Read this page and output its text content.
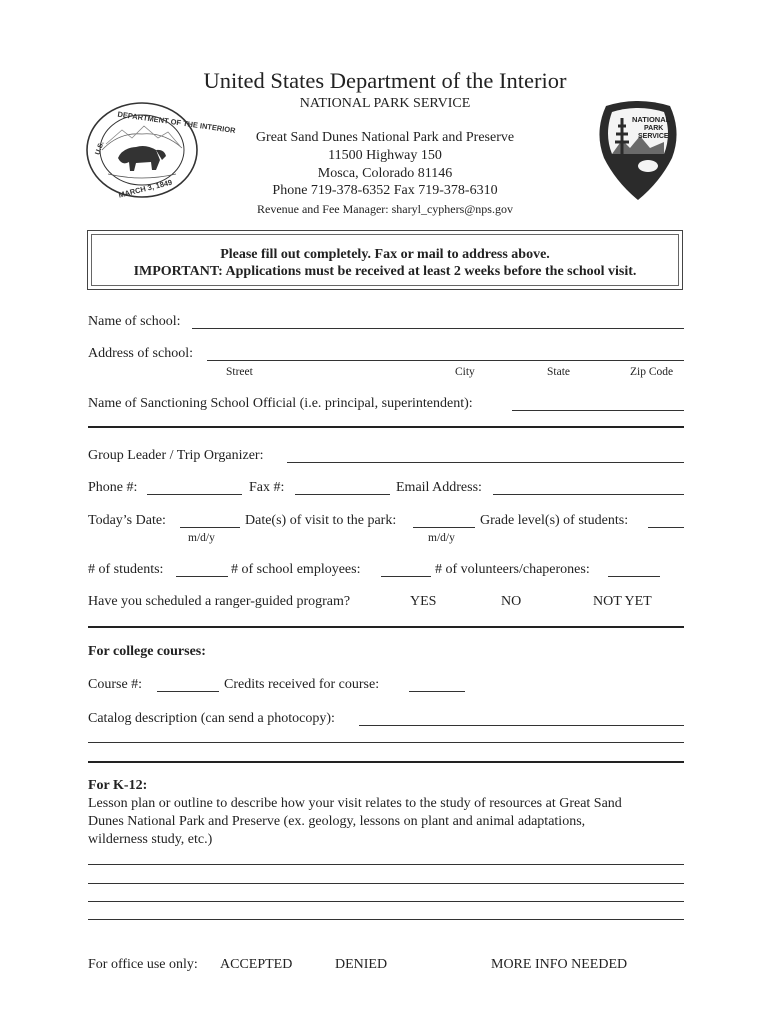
United States Department of the Interior
NATIONAL PARK SERVICE
Great Sand Dunes National Park and Preserve
11500 Highway 150
Mosca, Colorado 81146
Phone 719-378-6352 Fax 719-378-6310
Revenue and Fee Manager: sharyl_cyphers@nps.gov
DEPARTMENT OF THE INTERIOR
MARCH 3, 1849
U.S.
NATIONAL
PARK
SERVICE
Please fill out completely. Fax or mail to address above.
IMPORTANT: Applications must be received at least 2 weeks before the school visit.
Name of school:
Address of school:
Street	City	State	Zip Code
Name of Sanctioning School Official (i.e. principal, superintendent):
Group Leader / Trip Organizer:
Phone #:	Fax #:	Email Address:
Today’s Date:	Date(s) of visit to the park:	Grade level(s) of students:
m/d/y	m/d/y
# of students:	# of school employees:	# of volunteers/chaperones:
Have you scheduled a ranger-guided program?	YES	NO	NOT YET
For college courses:
Course #:	Credits received for course:
Catalog description (can send a photocopy):
For K-12:
Lesson plan or outline to describe how your visit relates to the study of resources at Great Sand
Dunes National Park and Preserve (ex. geology, lessons on plant and animal adaptations,
wilderness study, etc.)
For office use only: ACCEPTED	DENIED	MORE INFO NEEDED
